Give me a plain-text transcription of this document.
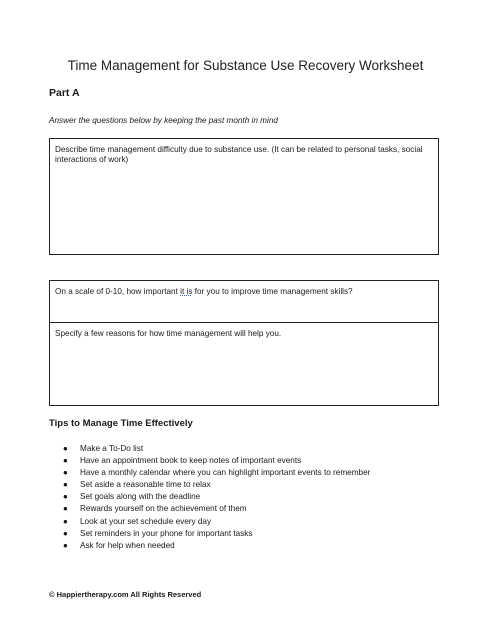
Time Management for Substance Use Recovery Worksheet
Part A
Answer the questions below by keeping the past month in mind
Describe time management difficulty due to substance use. (It can be related to personal tasks, social interactions of work)
On a scale of 0-10, how important it is for you to improve time management skills?
Specify a few reasons for how time management will help you.
Tips to Manage Time Effectively
● Make a To-Do list
● Have an appointment book to keep notes of important events
● Have a monthly calendar where you can highlight important events to remember
● Set aside a reasonable time to relax
● Set goals along with the deadline
● Rewards yourself on the achievement of them
● Look at your set schedule every day
● Set reminders in your phone for important tasks
● Ask for help when needed
© Happiertherapy.com All Rights Reserved
